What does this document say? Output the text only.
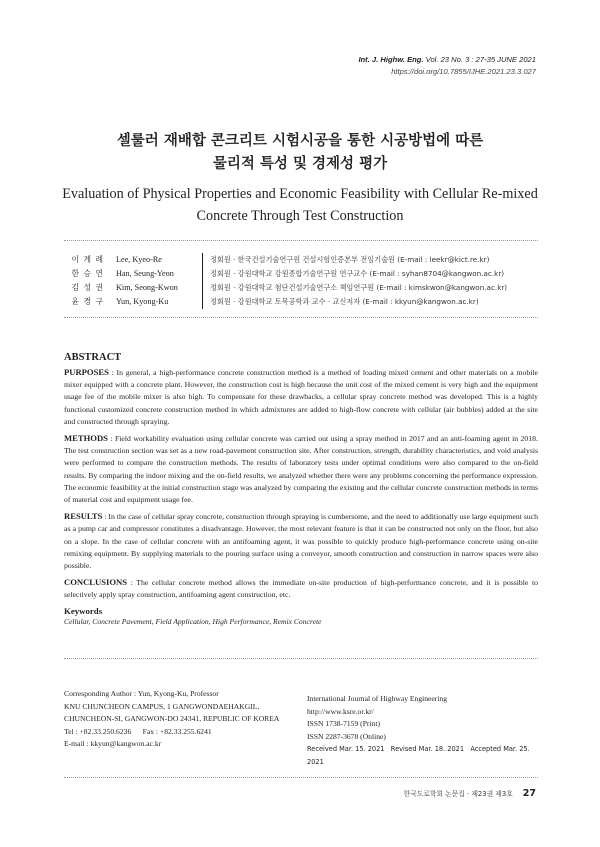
Int. J. Highw. Eng. Vol. 23 No. 3 : 27-35 JUNE 2021
https://doi.org/10.7855/IJHE.2021.23.3.027
셀룰러 재배합 콘크리트 시험시공을 통한 시공방법에 따른
물리적 특성 및 경제성 평가
Evaluation of Physical Properties and Economic Feasibility with Cellular Re-mixed
Concrete Through Test Construction
이 계 례	Lee, Kyeo-Re	정회원 · 한국건설기술연구원 건설시험인증본부 전임기술원 (E-mail : leekr@kict.re.kr)
한 승 연	Han, Seung-Yeon	정회원 · 강원대학교 강원종합기술연구원 연구교수 (E-mail : syhan8704@kangwon.ac.kr)
김 성 권	Kim, Seong-Kwon	정회원 · 강원대학교 첨단건설기술연구소 책임연구원 (E-mail : kimskwon@kangwon.ac.kr)
윤 경 구	Yun, Kyong-Ku	정회원 · 강원대학교 토목공학과 교수 · 교신저자 (E-mail : kkyun@kangwon.ac.kr)
ABSTRACT

PURPOSES : In general, a high-performance concrete construction method is a method of loading mixed cement and other materials on a mobile mixer equipped with a concrete plant. However, the construction cost is high because the unit cost of the mixed cement is very high and the equipment usage fee of the mobile mixer is also high. To compensate for these drawbacks, a cellular spray concrete method was developed. This is a highly functional customized concrete construction method in which admixtures are added to high-flow concrete with cellular (air bubbles) added at the site and constructed through spraying.

METHODS : Field workability evaluation using cellular concrete was carried out using a spray method in 2017 and an anti-foaming agent in 2018. The test construction section was set as a new road-pavement construction site. After construction, strength, durability characteristics, and void analysis were performed to compare the construction methods. The results of laboratory tests under optimal conditions were also compared to the on-field results. By comparing the indoor mixing and the on-field results, we analyzed whether there were any problems concerning the performance expression. The economic feasibility at the initial construction stage was analyzed by comparing the existing and the cellular concrete construction methods in terms of material cost and equipment usage fee.

RESULTS : In the case of cellular spray concrete, construction through spraying is cumbersome, and the need to additionally use large equipment such as a pump car and compressor constitutes a disadvantage. However, the most relevant feature is that it can be constructed not only on the floor, but also on a slope. In the case of cellular concrete with an antifoaming agent, it was possible to quickly produce high-performance concrete using on-site remixing equipment. By supplying materials to the pouring surface using a conveyor, smooth construction and construction in narrow spaces were also possible.

CONCLUSIONS : The cellular concrete method allows the immediate on-site production of high-performance concrete, and it is possible to selectively apply spray construction, antifoaming agent construction, etc.

Keywords
Cellular, Concrete Pavement, Field Application, High Performance, Remix Concrete
Corresponding Author : Yun, Kyong-Ku, Professor
KNU CHUNCHEON CAMPUS, 1 GANGWONDAEHAKGIL,
CHUNCHEON-SI, GANGWON-DO 24341, REPUBLIC OF KOREA
Tel : +82.33.250.6236      Fax : +82.33.255.6241
E-mail : kkyun@kangwon.ac.kr
International Journal of Highway Engineering
http://www.ksre.or.kr/
ISSN 1738-7159 (Print)
ISSN 2287-3678 (Online)
Received Mar. 15. 2021 Revised Mar. 18. 2021 Accepted Mar. 25. 2021
한국도로학회 논문집 · 제23권 제3호 27
